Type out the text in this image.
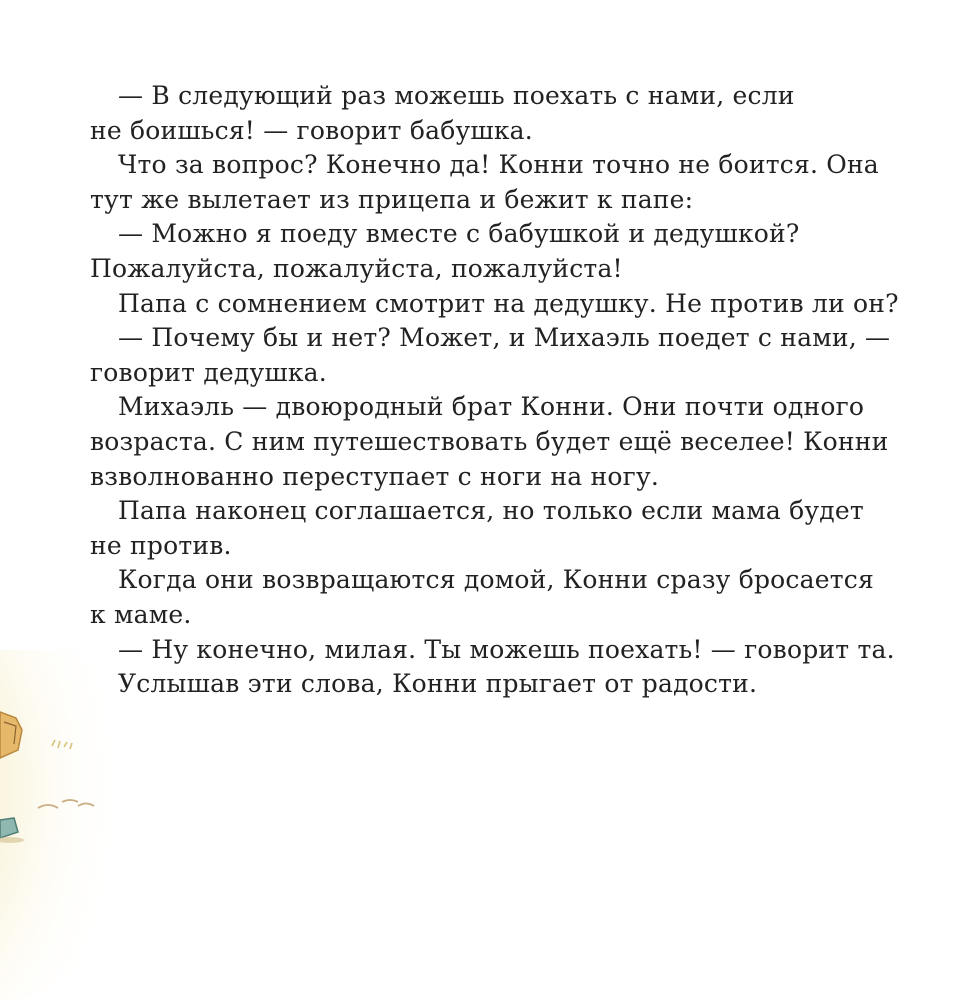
— В следующий раз можешь поехать с нами, если
не боишься! — говорит бабушка.
Что за вопрос? Конечно да! Конни точно не боится. Она
тут же вылетает из прицепа и бежит к папе:
— Можно я поеду вместе с бабушкой и дедушкой?
Пожалуйста, пожалуйста, пожалуйста!
Папа с сомнением смотрит на дедушку. Не против ли он?
— Почему бы и нет? Может, и Михаэль поедет с нами, —
говорит дедушка.
Михаэль — двоюродный брат Конни. Они почти одного
возраста. С ним путешествовать будет ещё веселее! Конни
взволнованно переступает с ноги на ногу.
Папа наконец соглашается, но только если мама будет
не против.
Когда они возвращаются домой, Конни сразу бросается
к маме.
— Ну конечно, милая. Ты можешь поехать! — говорит та.
Услышав эти слова, Конни прыгает от радости.
